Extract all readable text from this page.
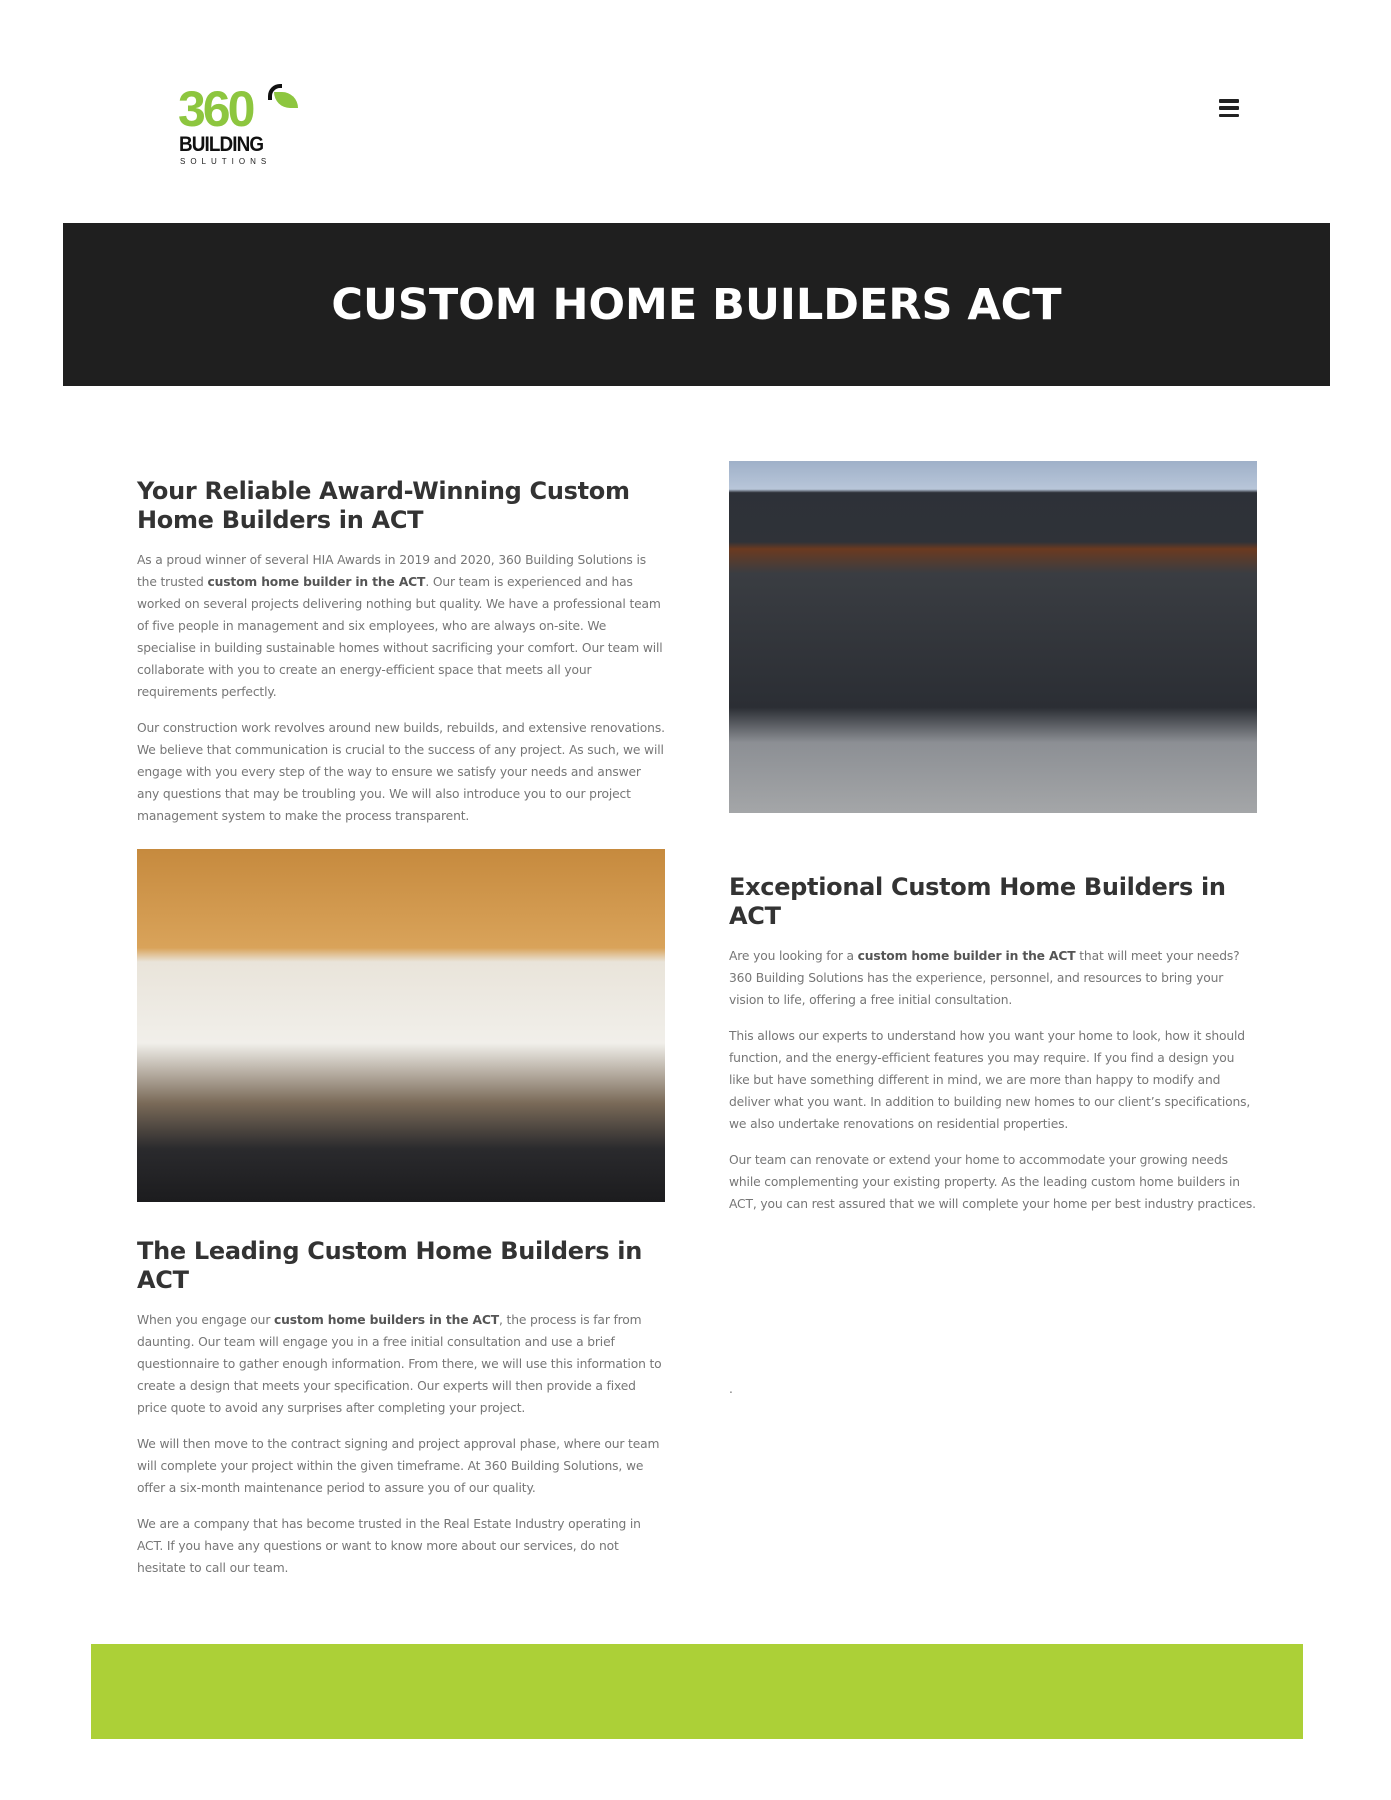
360
BUILDING
SOLUTIONS
CUSTOM HOME BUILDERS ACT
Your Reliable Award-Winning Custom Home Builders in ACT

As a proud winner of several HIA Awards in 2019 and 2020, 360 Building Solutions is the trusted custom home builder in the ACT. Our team is experienced and has worked on several projects delivering nothing but quality. We have a professional team of five people in management and six employees, who are always on-site. We specialise in building sustainable homes without sacrificing your comfort. Our team will collaborate with you to create an energy-efficient space that meets all your requirements perfectly.

Our construction work revolves around new builds, rebuilds, and extensive renovations. We believe that communication is crucial to the success of any project. As such, we will engage with you every step of the way to ensure we satisfy your needs and answer any questions that may be troubling you. We will also introduce you to our project management system to make the process transparent.

Exceptional Custom Home Builders in ACT

Are you looking for a custom home builder in the ACT that will meet your needs? 360 Building Solutions has the experience, personnel, and resources to bring your vision to life, offering a free initial consultation.

This allows our experts to understand how you want your home to look, how it should function, and the energy-efficient features you may require. If you find a design you like but have something different in mind, we are more than happy to modify and deliver what you want. In addition to building new homes to our client’s specifications, we also undertake renovations on residential properties.

Our team can renovate or extend your home to accommodate your growing needs while complementing your existing property. As the leading custom home builders in ACT, you can rest assured that we will complete your home per best industry practices.

.
The Leading Custom Home Builders in ACT

When you engage our custom home builders in the ACT, the process is far from daunting. Our team will engage you in a free initial consultation and use a brief questionnaire to gather enough information. From there, we will use this information to create a design that meets your specification. Our experts will then provide a fixed price quote to avoid any surprises after completing your project.

We will then move to the contract signing and project approval phase, where our team will complete your project within the given timeframe. At 360 Building Solutions, we offer a six-month maintenance period to assure you of our quality.

We are a company that has become trusted in the Real Estate Industry operating in ACT. If you have any questions or want to know more about our services, do not hesitate to call our team.
